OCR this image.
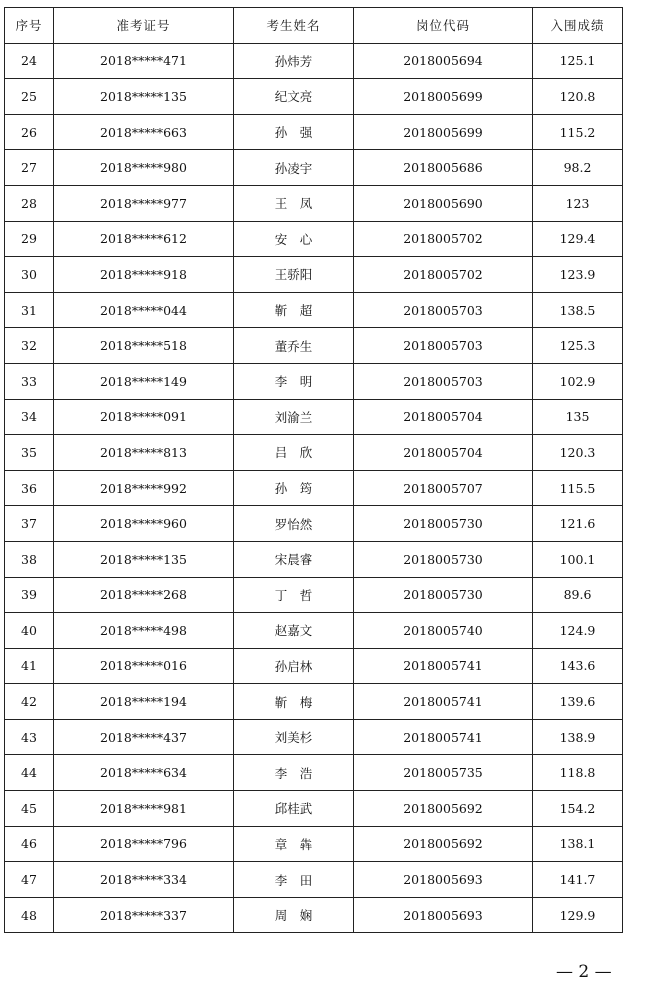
序号	准考证号	考生姓名	岗位代码	入围成绩
24	2018*****471	孙炜芳	2018005694	125.1
25	2018*****135	纪文亮	2018005699	120.8
26	2018*****663	孙　强	2018005699	115.2
27	2018*****980	孙凌宇	2018005686	98.2
28	2018*****977	王　凤	2018005690	123
29	2018*****612	安　心	2018005702	129.4
30	2018*****918	王骄阳	2018005702	123.9
31	2018*****044	靳　超	2018005703	138.5
32	2018*****518	董乔生	2018005703	125.3
33	2018*****149	李　明	2018005703	102.9
34	2018*****091	刘渝兰	2018005704	135
35	2018*****813	吕　欣	2018005704	120.3
36	2018*****992	孙　筠	2018005707	115.5
37	2018*****960	罗怡然	2018005730	121.6
38	2018*****135	宋晨睿	2018005730	100.1
39	2018*****268	丁　哲	2018005730	89.6
40	2018*****498	赵嘉文	2018005740	124.9
41	2018*****016	孙启林	2018005741	143.6
42	2018*****194	靳　梅	2018005741	139.6
43	2018*****437	刘美杉	2018005741	138.9
44	2018*****634	李　浩	2018005735	118.8
45	2018*****981	邱桂武	2018005692	154.2
46	2018*****796	章　犇	2018005692	138.1
47	2018*****334	李　田	2018005693	141.7
48	2018*****337	周　娴	2018005693	129.9
— 2 —
